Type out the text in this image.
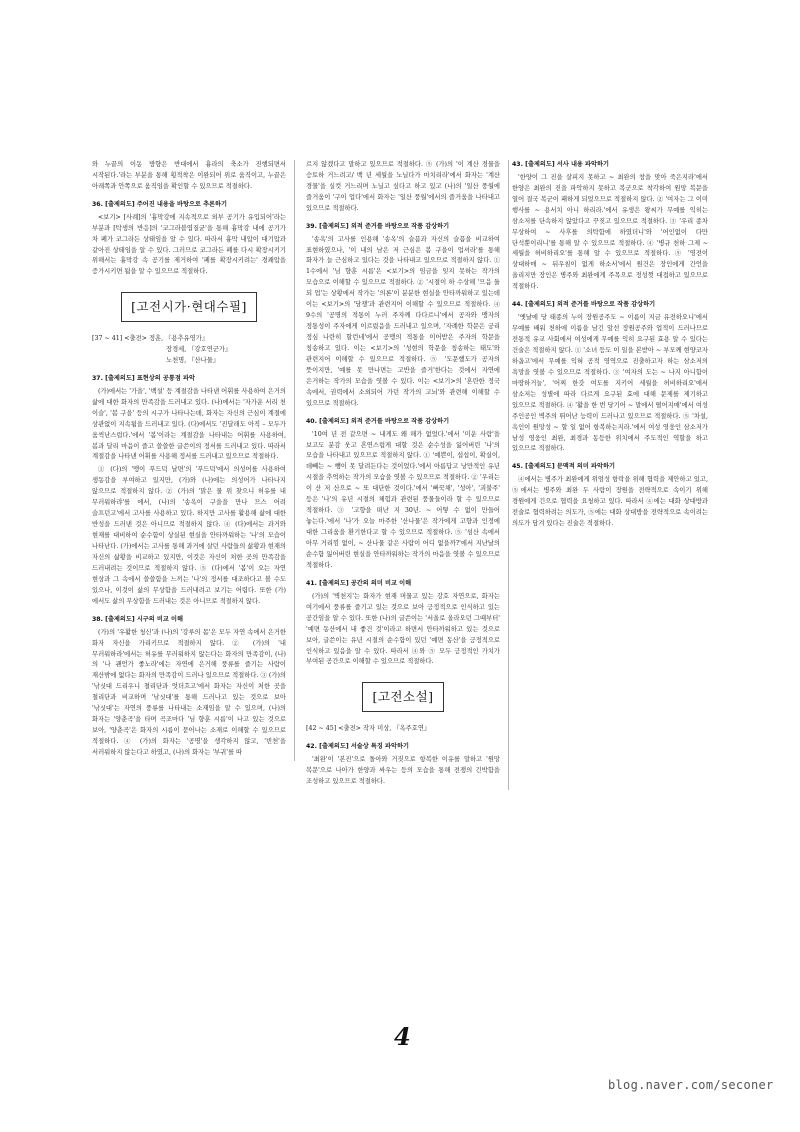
와 누끝의 이동 방향은 반대에서 흉라의 축소가 진행되면서 시작된다.'라는 부분을 통해 횡적착은 이완되어 위로 움직이고, 누끝은 아래쪽과 안쪽으로 움직임을 확인할 수 있으므로 적절하다.

36. [출제의도] 주어진 내용을 바탕으로 추론하기

<보기> [사례]의 '흉막강에 지속적으로 외부 공기가 유입되어'라는 부분과 [탁생의 반응]의 '코그라블엽질균'을 통해 흉막강 내에 공기가 차 폐가 코그라든 상태임을 알 수 있다. 따라서 흉막 내압이 대기압과 같아진 상태임을 알 수 있다. 그러므로 코그라든 폐를 다시 확장시키기 위해서는 흉막강 속 공기를 제거하여 '폐를 확장시키려는' 경쾌압을 증가시키면 됨을 알 수 있으므로 적절하다.

[고전시가·현대수필]
[37 ~ 41] <출전> 정훈, 『용추유영가』
장경세, 『강호연군가』
노천명, 『산나물』
37. [출제의도] 표현상의 공통점 파악

(가)에서는 '가을', '백설' 등 계절감을 나타낸 어휘를 사용하여 은거의 삶에 대한 화자의 만족감을 드러내고 있다. (나)에서는 '자가운 서리 천 이슬', '봄 구을' 등의 시구가 나타나는데, 화자는 자신의 근심이 계절에 상관없이 지속됨을 드러내고 있다. (다)에서도 '진달래도 아직 – 모두가 움씩난스럽다.'에서 '봄'이라는 계절감을 나타내는 어휘를 사용하여, 봄과 달리 마음이 즐고 쓸쓸한 글쓴이의 정서를 드러내고 있다. 따라서 계절감을 나타낸 어휘를 사용해 정서를 드러내고 있으므로 적절하다.

① (다)의 '맹이 푸드덕 날면'의 '푸드덕'에서 의성어를 사용하여 생동감을 부여하고 있지만, (가)와 (나)에는 의성어가 나타나지 않으므로 적절하지 않다. ② (가)의 '맑은 물 위 찾으니 허유를 내 무러워하랴'를 에서, (나)의 '송옥이 구을을 만나 므스 어려 슬프던고'에서 고사를 사용하고 있다. 하지만 고사를 활용해 삶에 대한 반성을 드러낸 것은 아니므로 적절하지 않다. ④ (다)에서는 과거와 현재를 대비하여 순수함이 상실된 현실을 안타까워하는 '나'의 모습이 나타난다. (가)에서는 고사를 통해 과거에 살던 사람들의 삶황과 현재의 자신의 삶황을 비교하고 있지만, 이것은 자신이 처한 곳의 만족감을 드러내려는 것이므로 적절하지 않다. ⑤ (다)에서 '봄'이 오는 자연 현상과 그 속에서 쓸쓸함을 느끼는 '나'의 정서를 대조하다고 볼 수도 있으나, 이것이 삶의 무상함을 드러내려고 보기는 어렵다. 또한 (가)에서도 삶의 무상함을 드러내는 것은 아니므로 적절하지 않다.

38. [출제의도] 시구의 비교 이해

(가)의 '우활한 청신'과 (나)의 '강루의 몸'은 모두 자연 속에서 은거한 화자 자신을 가리키므로 적절하지 않다. ② (가)의 '내 무러워하라'에서는 허유를 무러워하지 않는다는 화자의 만족감이, (나)의 '나 괜언가 좋노라'에는 자연에 은거해 풍류를 즐기는 사람이 재산밖에 없다는 화자의 만족감이 드러나 있으므로 적절하다. ③ (가)의 '낚싯대 드리우니 철리단과 엇더흐고'에서 화자는 자신이 처한 곳을 철리단과 비교하며 '낚싯대'를 통해 드러나고 있는 것으로 보아 '낚싯대'는 자연의 풍류를 나타내는 소재임을 알 수 있으며, (나)의 화자는 '양춘곡'을 타며 곡조마다 '님 향훈 시름'이 나고 있는 것으로 보아, '양춘곡'은 화자의 시름이 묻어나는 소재로 이해할 수 있으므로 적절하다. ④ (가)의 화자는 '공명'을 생각하지 않고, '빈천'을 서러워하지 않는다고 하였고, (나)의 화자는 '부귀'를 따

르지 않겠다고 말하고 있으므로 적절하다. ⑤ (가)의 '이 계산 경물을 승토하 거느려고/ 백 년 세월을 노닐다가 마치리라'에서 화자는 '계산 경물'을 실컷 거느리며 노닐고 싶다고 하고 있고 (나)의 '일산 풍월에 즐거움이 '구이 업다'에서 화자는 '일산 풍월'에서의 즐거움을 나타내고 있으므로 적절하다.

39. [출제의도] 외적 준거를 바탕으로 작품 감상하기

'송옥'의 고사를 인용해 '송옥'의 슬픔과 자신의 슬픔을 비교하여 표현하였으나, '이 내의 남은 저 근심은 봄 구을이 업셔라'를 통해 화자가 늘 근심하고 있다는 것을 나타내고 있으므로 적절하지 않다. ① 1수에서 '님 향훈 시름'은 <보기>의 임금을 잊지 못하는 작가의 모습으로 이해할 수 있으므로 적절하다. ② '시절이 하 수상해 '므음 둘 되 업'는 상황에서 작가는 '의론'이 분분한 현실을 안타까워하고 있는데 이는 <보기>의 '당쟁'과 관련지어 이해할 수 있으므로 적절하다. ④ 9수의 '공명의 적통이 누러 주자께 다다르니'에서 공자와 맹자의 정통성이 주자에게 이르렀음을 드러내고 있으며, '자례한 학문은 궁리 정심 나란히 할런네'에서 공맹의 적통을 이어받은 주자의 학문을 칭송하고 있다. 이는 <보기>의 '성현의 학문을 칭송하는 태도'와 관련지어 이해할 수 있으므로 적절하다. ⑤ '도문했도가 공자의 뜻이지만, '예를 못 만나면는 고반을 즐거'한다는 것에서 자연에 은거하는 작가의 모습을 엿볼 수 있다. 이는 <보기>의 '혼란한 정국 속에서, 권력에서 소외되어 가던 작가의 고뇌'와 관련해 이해할 수 있으므로 적절하다.

40. [출제의도] 외적 준거를 바탕으로 작품 감상하기

'10여 년 전 같으면 ~ 내게도 왜 해가 없었다.'에서 '미운 사람'을 보고도 분감 웃고 흔연스럽게 대할 것은 순수성을 잃어버린 '나'의 모습을 나타내고 있으므로 적절하지 않다. ① '예쁜이, 섭섭이, 확실이, 데빼는 ~ 뺑이 못 달려든다는 것이었다.'에서 아름답고 낭만적인 유년 시절을 추억하는 작가의 모습을 엿볼 수 있으므로 적절하다. ② '우리는 이 산 저 산으로 ~ 또 대단한 것이다.'에서 '뻐꾹채', '성아', '괴불주' 등은 '나'의 유년 시절의 체험과 관련된 풍물들이라 할 수 있으므로 적절하다. ③ '고향을 떠난 지 30년. ~ 어떻 수 없이 만들어 놓는다.'에서 '나'가 오늘 마주한 '산나물'은 작가에게 고향과 인정에 대한 그리움을 환기한다고 할 수 있으므로 적절하다. ⑤ '섬산 속에서 아무 거리낌 없이, ~ 산나물 같은 사람이 어디 없을까?'에서 지난날의 순수함 잃어버린 현실을 안타까워하는 작가의 마음을 엿볼 수 있으므로 적절하다.

41. [출제의도] 공간의 의미 비교 이해

(가)의 '벽천지'는 화자가 현재 머물고 있는 강호 자연으로, 화자는 여기에서 풍류를 즐기고 있는 것으로 보아 긍정적으로 인식하고 있는 공간임을 알 수 있다. 또한 (나)의 글쓴이는 '서울로 올라오던 그때부터' '예면 동산에서 내 좋건 것'이라고 하면서 안타까워하고 있는 것으로 보아, 글쓴이는 유년 시절의 순수함이 있던 '예면 동산'을 긍정적으로 인식하고 있음을 알 수 있다. 따라서 ④와 ⑤ 모두 긍정적인 가치가 부여된 공간으로 이해할 수 있으므로 적절하다.

[고전소설]
[42 ~ 45] <출전> 작자 미상, 『옥주호연』
42. [출제의도] 서술상 특징 파악하기

'최완'이 '본진'으로 돌아와 거짓으로 항복한 이유를 말하고 '원망 복문'으로 나아가 한양과 싸우는 등의 모습을 통해 전쟁의 긴박함을 조성하고 있으므로 적절하다.

43. [출제의도] 서사 내용 파악하기

'한양이 그 진을 살피지 못하고 ~ 최완의 창을 맞아 죽은지라'에서 한양은 최완의 진을 파악하지 못하고 복군으로 착각하여 원망 복문을 열어 결국 복군이 패하게 되었으므로 적절하지 않다. ② '여자는 그 이미 행사를 ~ 용서치 아니 하리라.'에서 유생은 왕씨가 무예를 익히는 삼소저를 단속하지 않았다고 꾸짖고 있으므로 적절하다. ③ '우리 종차 무상하여 ~ 사후를 의탁함에 하였더니'와 '어인없이 다만 단석뿐이리니'를 통해 알 수 있으므로 적절하다. ④ '병규 천하 그제 ~ 세월을 허비하리오'를 통해 알 수 있으므로 적절하다. ⑤ '영전이 상대하매 ~ 뒤우침이 없게 하소서'에서 원건은 장인에게 간언을 올리지만 장인은 병주와 최완에게 주목으로 정성껏 대접하고 있으므로 적절하다.

44. [출제의도] 외적 준거를 바탕으로 작품 감상하기

'옛날에 당 태종의 누이 장원공주도 ~ 이름이 지금 유전하오니'에서 무예를 배워 천하에 이름을 남긴 앞선 장원공주와 업적이 드러나므로 전통적 유교 사회에서 여성에게 무예를 익히 요구된 효용 알 수 있다는 건술은 적절하지 않다. ① '소녀 등도 이 일을 본받아 ~ 부모께 현양코자 하옵고'에서 무예를 익혀 공적 영역으로 진출하고자 하는 삼소저의 욕망을 엿볼 수 있으므로 적절하다. ③ '여자의 도는 ~ 나지 아니함이 마땅하거늘', '어찌 한갓 여도를 지키어 세월을 허비하리오'에서 삼소저는 성별에 따라 다르게 요구된 효에 대해 문제를 제기하고 있으므로 적절하다. ④ '활을 한 번 당기어 ~ 말에서 떨어지매'에서 여성 주인공인 벽주의 뛰어난 능력이 드러나고 있으므로 적절하다. ⑤ '차설, 옥인이 원망성 ~ 할 일 없어 항복하는지라.'에서 여성 영웅인 삼소저가 남성 영웅인 최완, 최경과 동등한 위치에서 주도적인 역할을 하고 있으므로 적절하다.

45. [출제의도] 문맥적 의미 파악하기

④에서는 병주가 최완에게 위엄성 항락을 위해 협력을 제안하고 있고, ⑤에서는 병주와 최완 두 사람이 장원을 전략적으로 속이기 위해 경원에게 긴으로 협력을 요청하고 있다. 따라서 ④에는 대화 상대방과 전술로 협력하려는 의도가, ⑤에는 대화 상대방을 전략적으로 속이려는 의도가 담겨 있다는 진술은 적절하다.

4
blog.naver.com/seconer
